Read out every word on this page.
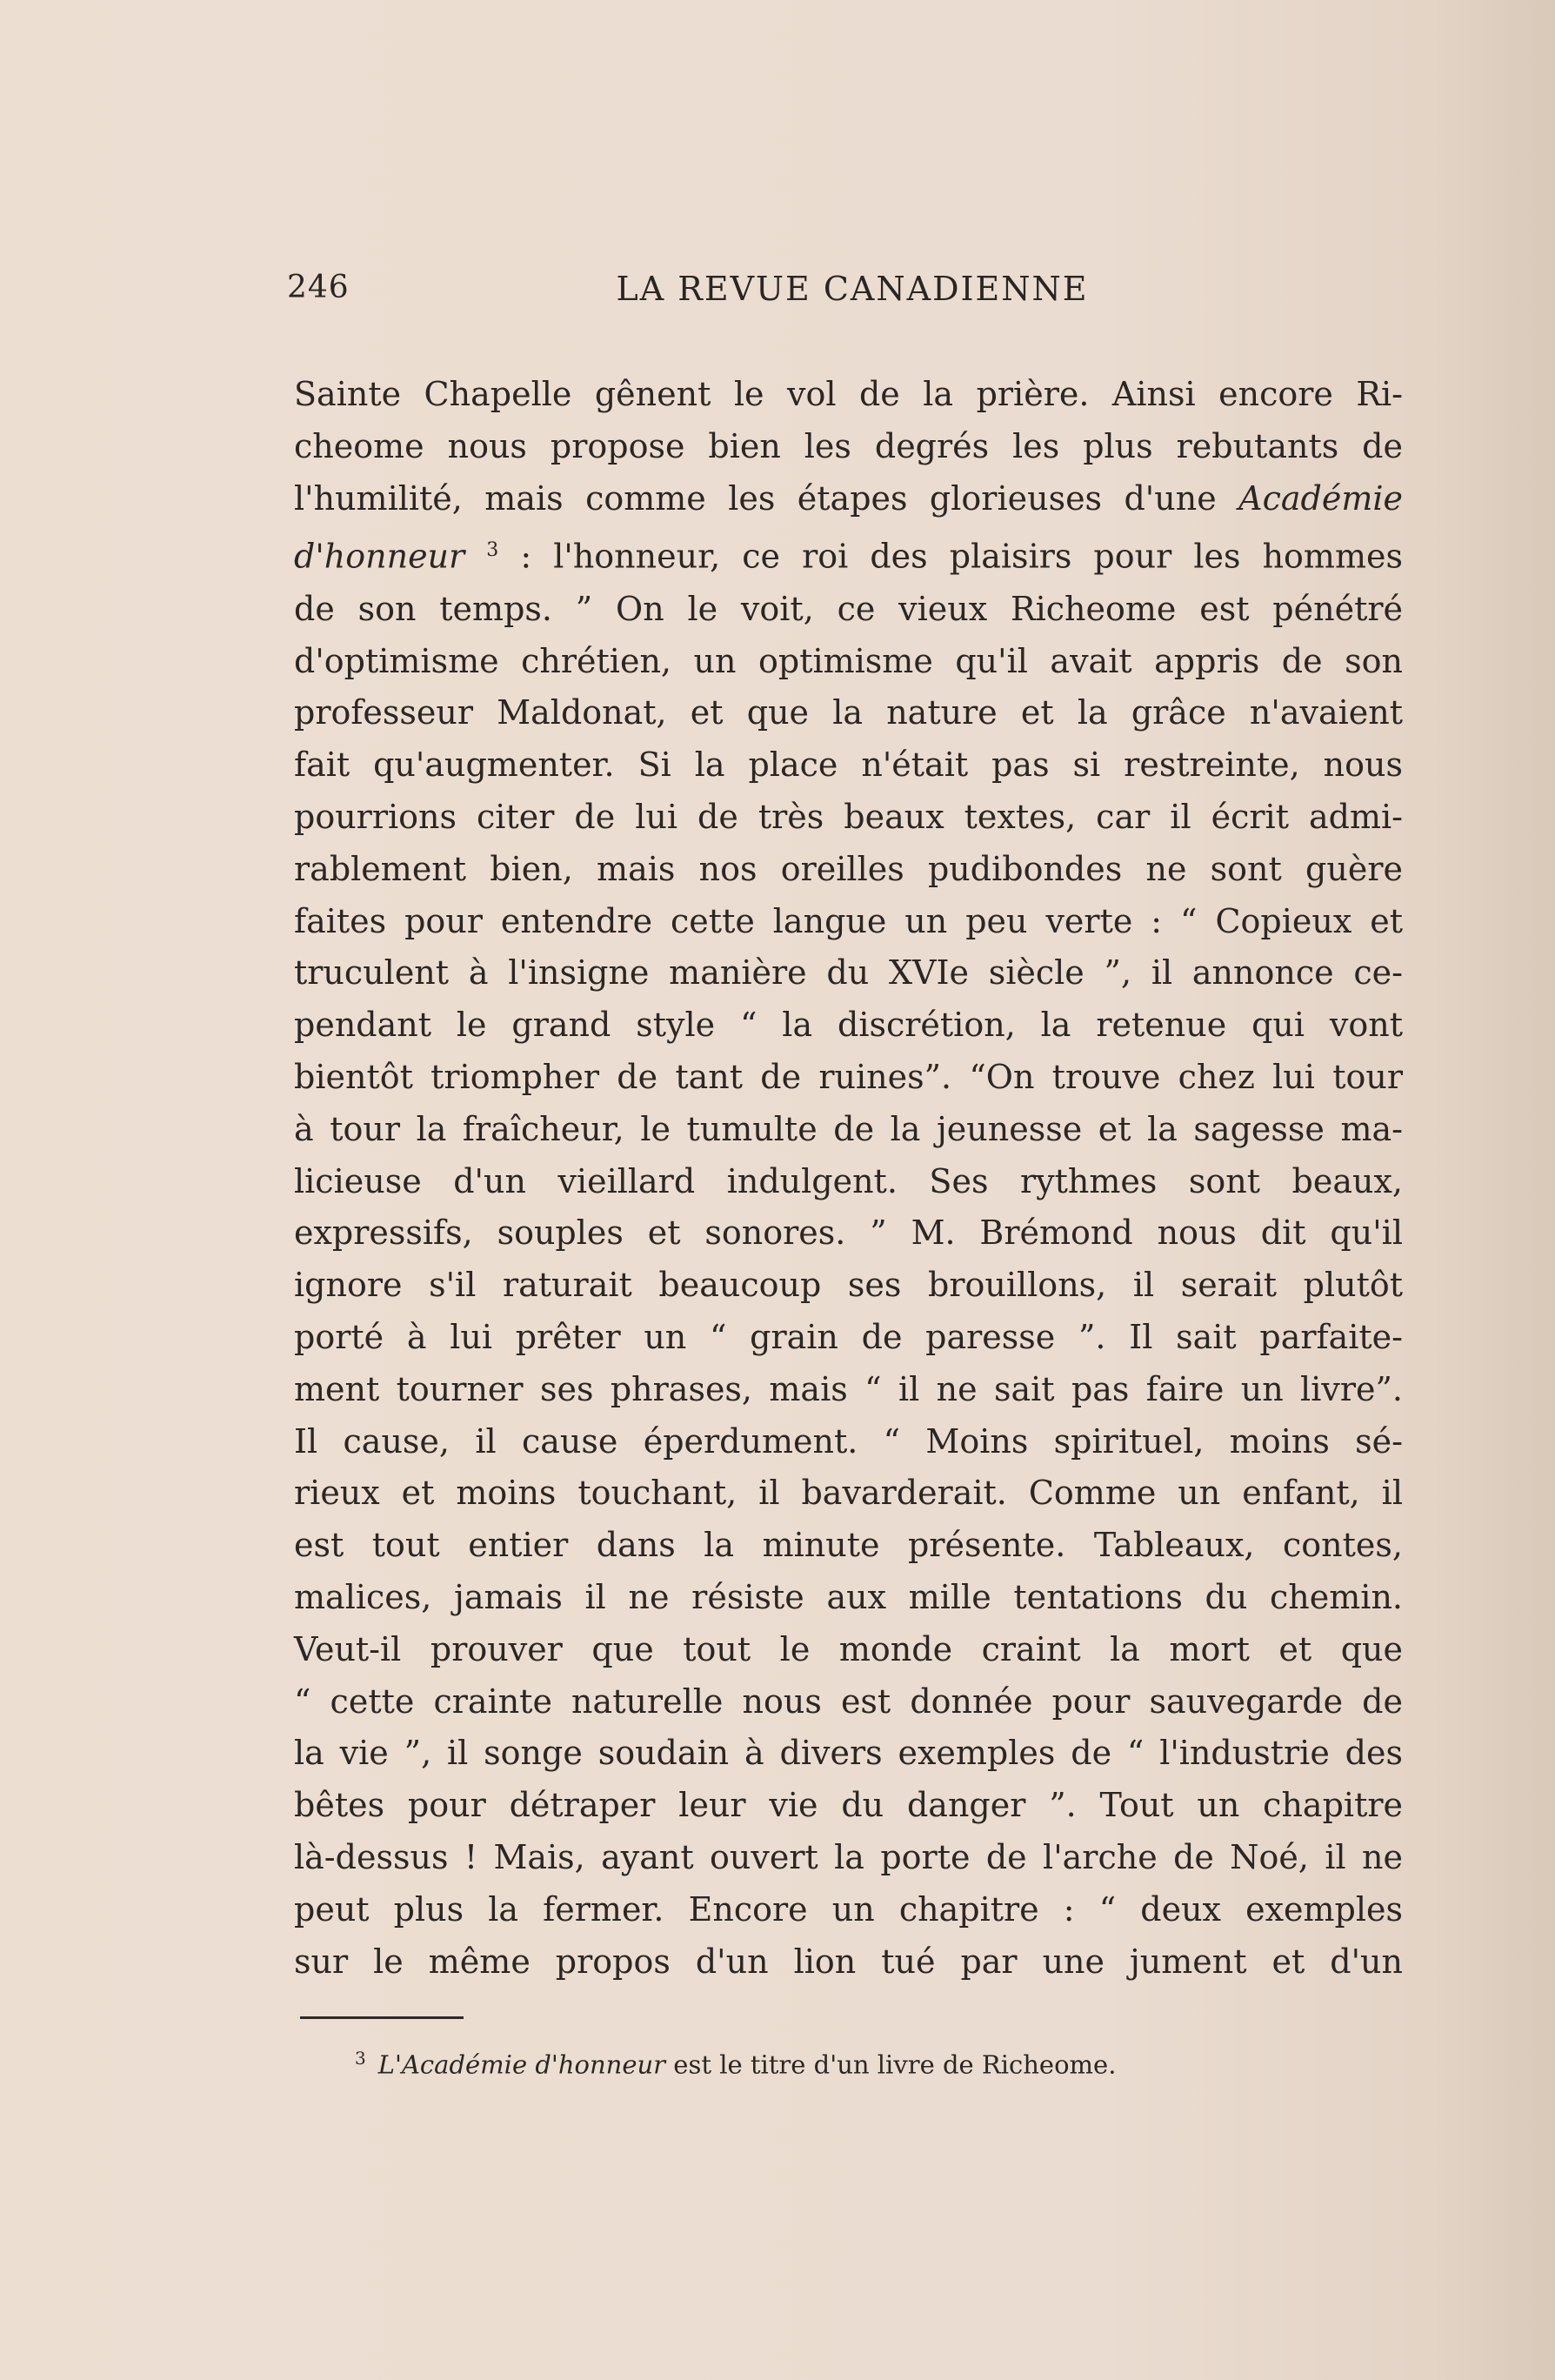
246	LA REVUE CANADIENNE
Sainte Chapelle gênent le vol de la prière. Ainsi encore Ri-
cheome nous propose bien les degrés les plus rebutants de
l'humilité, mais comme les étapes glorieuses d'une Académie
d'honneur $^3$ : l'honneur, ce roi des plaisirs pour les hommes
de son temps. ” On le voit, ce vieux Richeome est pénétré
d'optimisme chrétien, un optimisme qu'il avait appris de son
professeur Maldonat, et que la nature et la grâce n'avaient
fait qu'augmenter. Si la place n'était pas si restreinte, nous
pourrions citer de lui de très beaux textes, car il écrit admi-
rablement bien, mais nos oreilles pudibondes ne sont guère
faites pour entendre cette langue un peu verte : “ Copieux et
truculent à l'insigne manière du XVIe siècle ”, il annonce ce-
pendant le grand style “ la discrétion, la retenue qui vont
bientôt triompher de tant de ruines”. “On trouve chez lui tour
à tour la fraîcheur, le tumulte de la jeunesse et la sagesse ma-
licieuse d'un vieillard indulgent. Ses rythmes sont beaux,
expressifs, souples et sonores. ” M. Brémond nous dit qu'il
ignore s'il raturait beaucoup ses brouillons, il serait plutôt
porté à lui prêter un “ grain de paresse ”. Il sait parfaite-
ment tourner ses phrases, mais “ il ne sait pas faire un livre”.
Il cause, il cause éperdument. “ Moins spirituel, moins sé-
rieux et moins touchant, il bavarderait. Comme un enfant, il
est tout entier dans la minute présente. Tableaux, contes,
malices, jamais il ne résiste aux mille tentations du chemin.
Veut-il prouver que tout le monde craint la mort et que
“ cette crainte naturelle nous est donnée pour sauvegarde de
la vie ”, il songe soudain à divers exemples de “ l'industrie des
bêtes pour détraper leur vie du danger ”. Tout un chapitre
là-dessus ! Mais, ayant ouvert la porte de l'arche de Noé, il ne
peut plus la fermer. Encore un chapitre : “ deux exemples
sur le même propos d'un lion tué par une jument et d'un
$^3$ L'Académie d'honneur est le titre d'un livre de Richeome.
